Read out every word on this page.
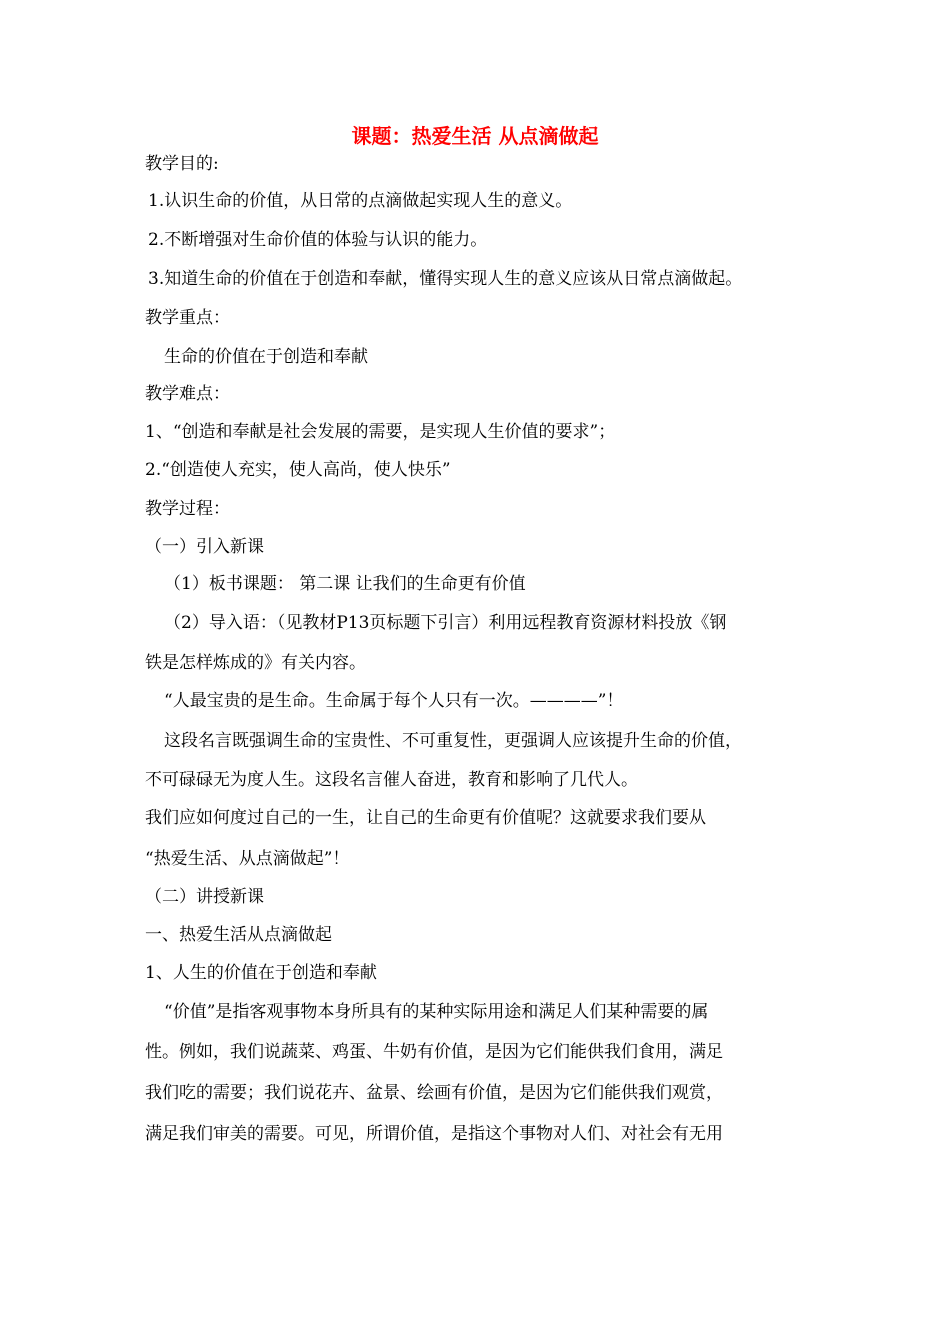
课题：热爱生活 从点滴做起
教学目的:
1.认识生命的价值，从日常的点滴做起实现人生的意义。
2.不断增强对生命价值的体验与认识的能力。
3.知道生命的价值在于创造和奉献，懂得实现人生的意义应该从日常点滴做起。
教学重点：
生命的价值在于创造和奉献
教学难点：
1、“创造和奉献是社会发展的需要，是实现人生价值的要求”；
2.“创造使人充实，使人高尚，使人快乐”
教学过程：
（一）引入新课
（1）板书课题： 第二课 让我们的生命更有价值
（2）导入语：（见教材P13页标题下引言）利用远程教育资源材料投放《钢
铁是怎样炼成的》有关内容。
“人最宝贵的是生命。生命属于每个人只有一次。————”！
这段名言既强调生命的宝贵性、不可重复性，更强调人应该提升生命的价值，
不可碌碌无为度人生。这段名言催人奋进，教育和影响了几代人。
我们应如何度过自己的一生，让自己的生命更有价值呢？这就要求我们要从
“热爱生活、从点滴做起”！
（二）讲授新课
一、热爱生活从点滴做起
1、人生的价值在于创造和奉献
“价值”是指客观事物本身所具有的某种实际用途和满足人们某种需要的属
性。例如，我们说蔬菜、鸡蛋、牛奶有价值，是因为它们能供我们食用，满足
我们吃的需要；我们说花卉、盆景、绘画有价值，是因为它们能供我们观赏，
满足我们审美的需要。可见，所谓价值，是指这个事物对人们、对社会有无用
